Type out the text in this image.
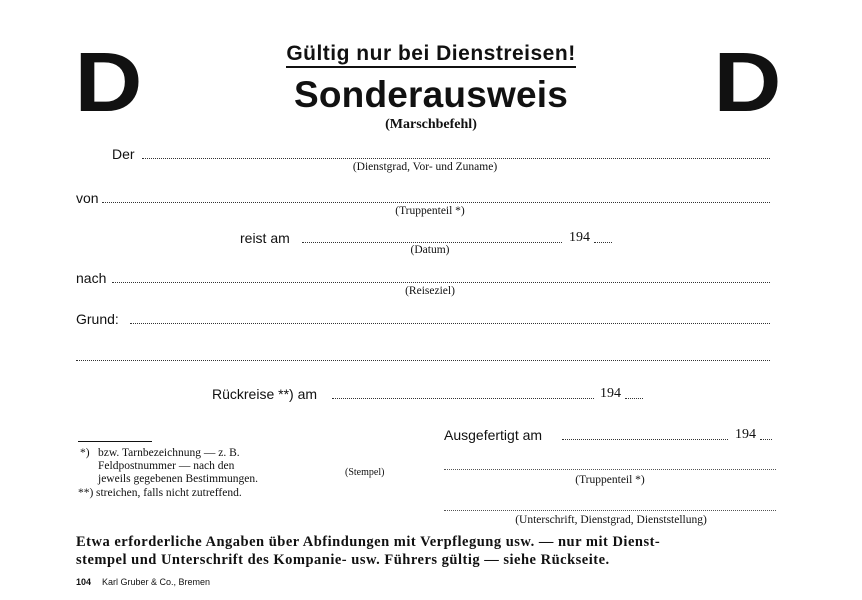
D	D
Gültig nur bei Dienstreisen!
Sonderausweis
(Marschbefehl)
Der
(Dienstgrad, Vor- und Zuname)
von
(Truppenteil *)
reist am	194
(Datum)
nach
(Reiseziel)
Grund:
Rückreise **) am	194
Ausgefertigt am	194
*) bzw. Tarnbezeichnung — z. B.
Feldpostnummer — nach den
jeweils gegebenen Bestimmungen.
**) streichen, falls nicht zutreffend.
(Stempel)
(Truppenteil *)
(Unterschrift, Dienstgrad, Dienststellung)
Etwa erforderliche Angaben über Abfindungen mit Verpflegung usw. — nur mit Dienst-
stempel und Unterschrift des Kompanie- usw. Führers gültig — siehe Rückseite.
104 Karl Gruber & Co., Bremen
